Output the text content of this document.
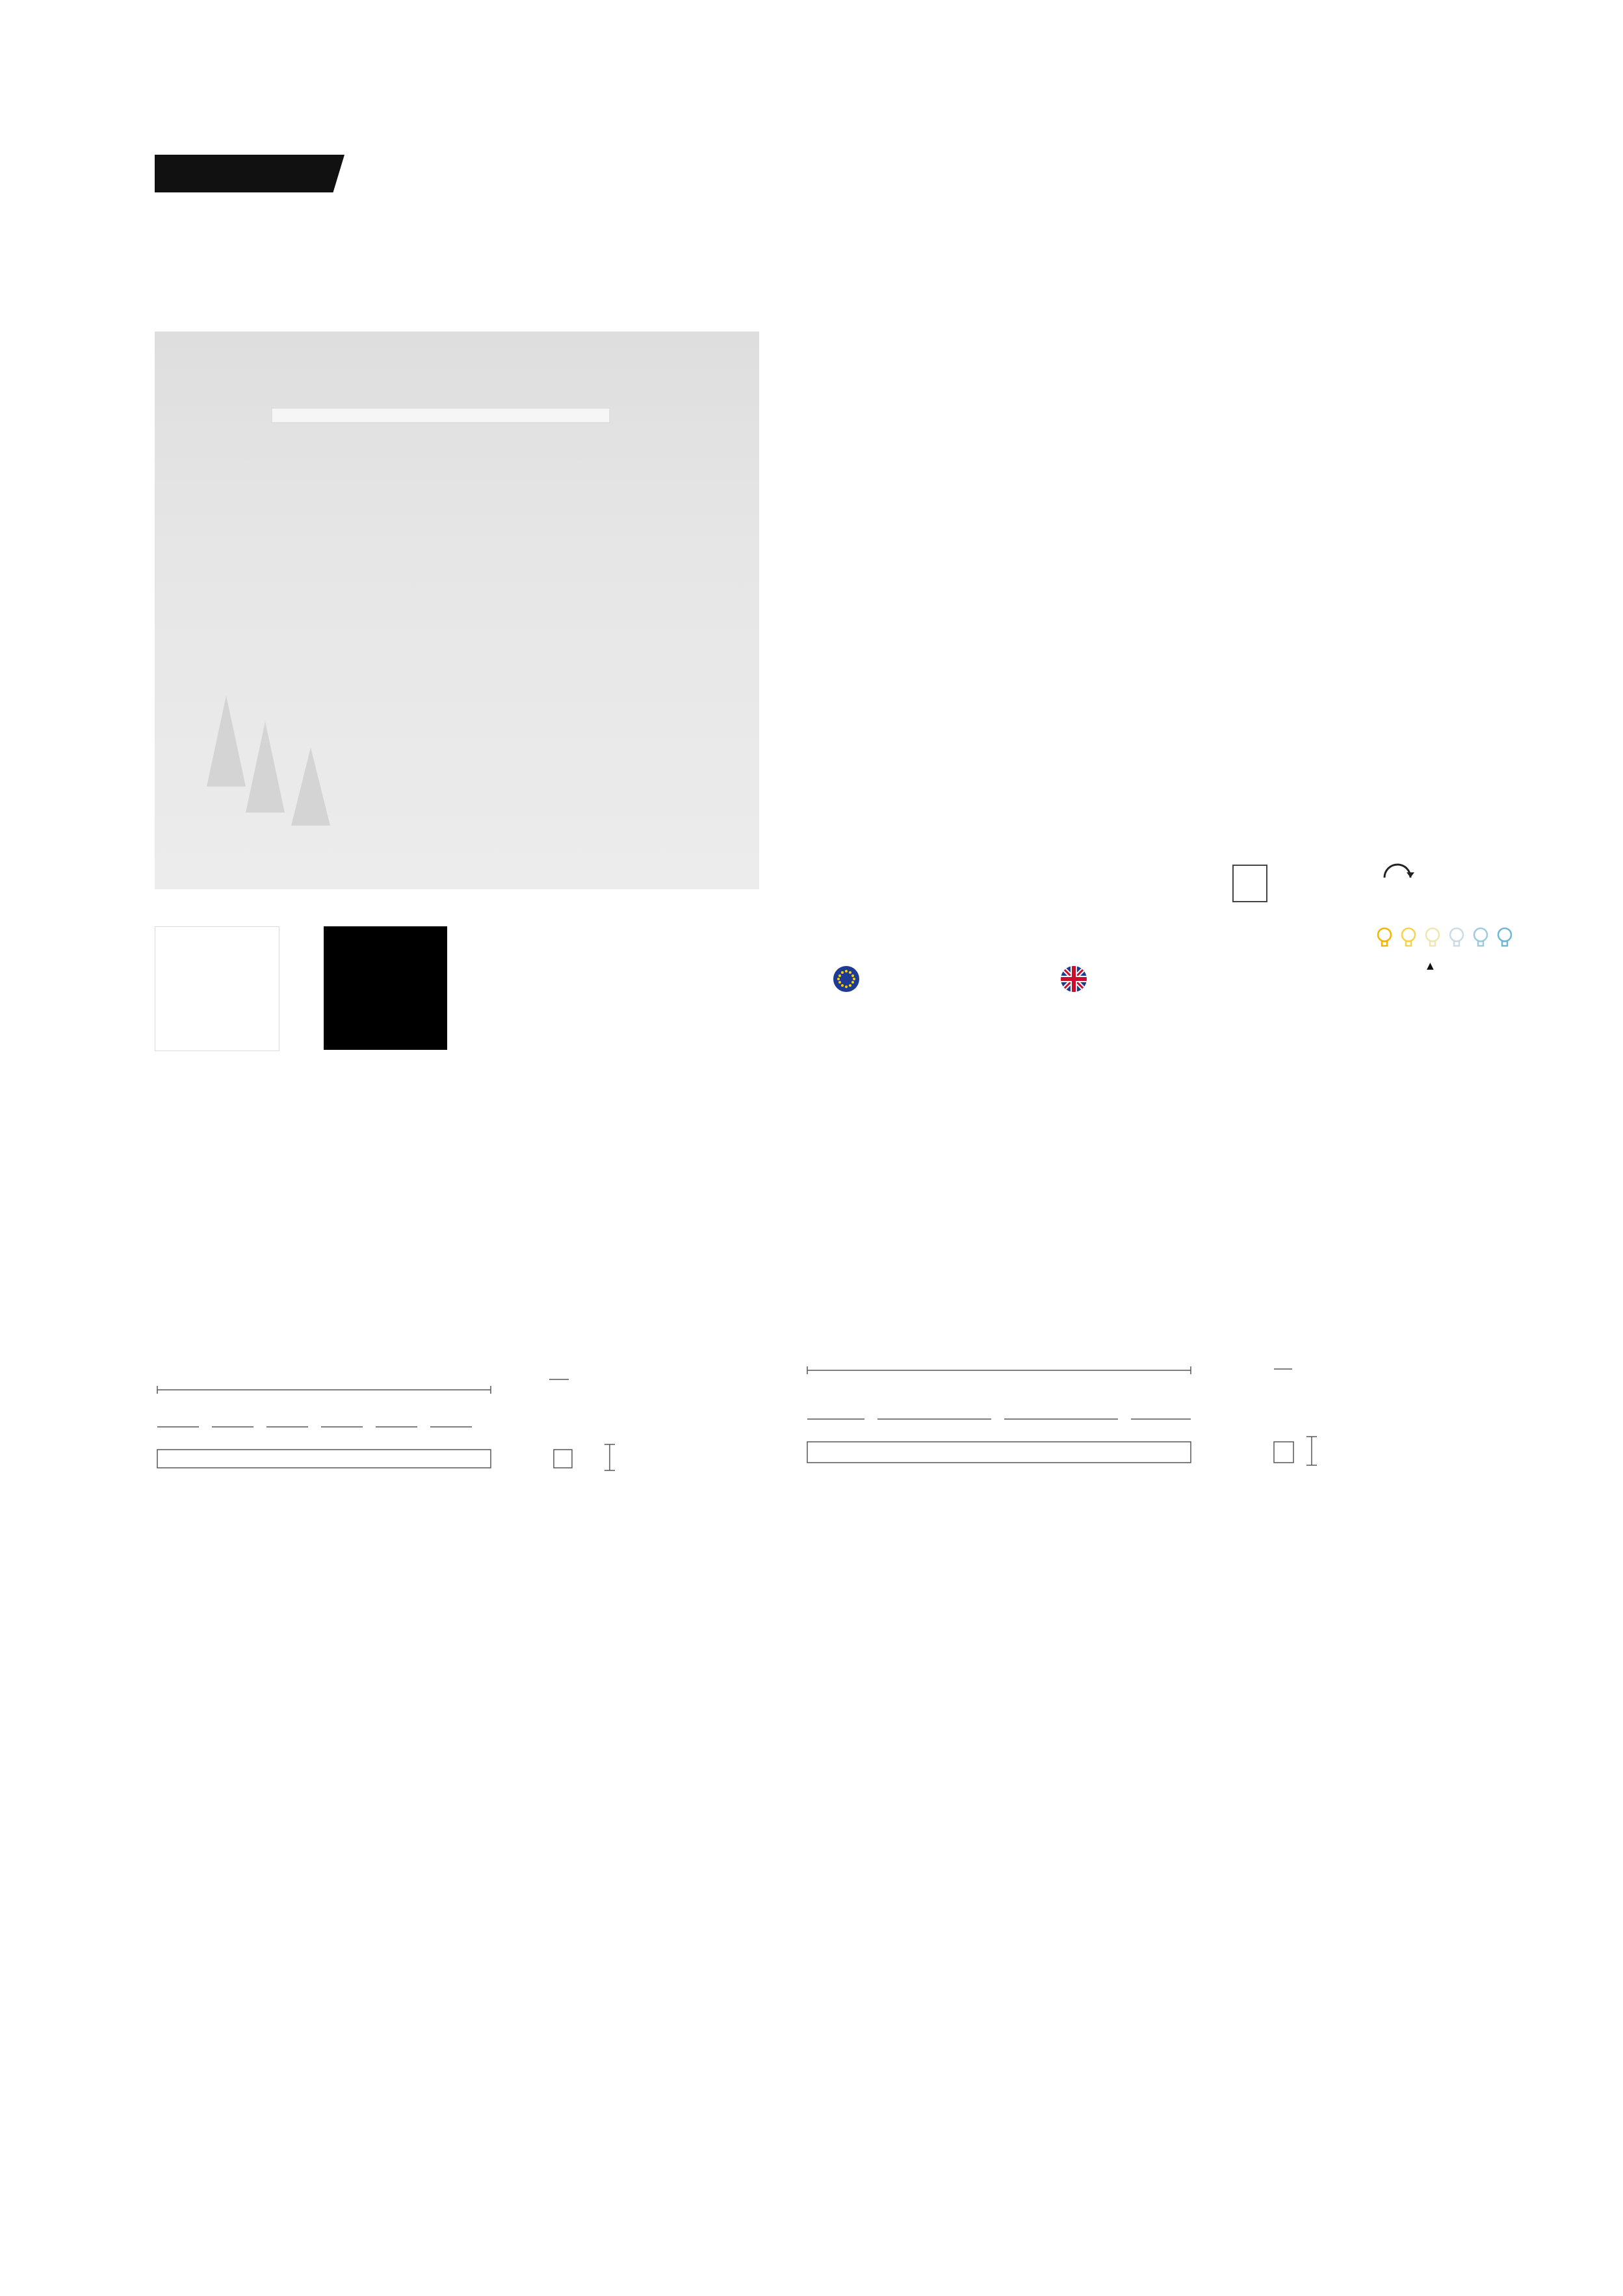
▲
